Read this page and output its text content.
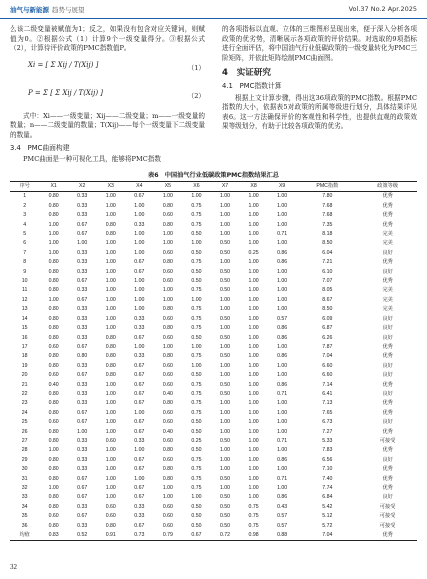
油气与新能源 趋势与展望	Vol.37 No.2 Apr.2025

么该二级变量被赋值为1；反之，如果没有包含对应关键词，则赋值为0。②根据公式（1）计算9个一级变量得分。③根据公式（2），计算待评价政策的PMC指数值P。

Xi = [ Σ Xij / T(Xij) ]	（1）
P = Σ [ Σ Xij / T(Xij) ]	（2）

式中：Xi——一级变量；Xij——二级变量；m——一级变量的数量；n——二级变量的数量；T(Xij)——每个一级变量下二级变量的数量。

3.4　PMC曲面构建

PMC曲面是一种可视化工具，能够将PMC指数

的各项指标以直观、立体的三维图形呈现出来，便于深入分析各项政策的优劣势，清晰展示各项政策的评价结果。对选取的9项指标进行全面评估，将中国油气行业低碳政策的一级变量转化为PMC三阶矩阵，并依此矩阵绘制PMC曲面图。

4　实证研究
4.1　PMC指数计算

根据上文计算步骤，得出这36项政策的PMC指数。根据PMC指数的大小，依据表5对政策的所属等级进行划分，具体结果详见表6。这一方法确保评价的客观性和科学性，也提供直观的政策效果等级划分，有助于比较各项政策的优劣。

表6　中国油气行业低碳政策PMC指数结果汇总
序号	X1	X2	X3	X4	X5	X6	X7	X8	X9	PMC指数	政策等级
1	0.80	0.33	1.00	0.67	1.00	1.00	1.00	1.00	1.00	7.80	优秀
2	0.80	0.33	1.00	1.00	0.80	0.75	1.00	1.00	1.00	7.68	优秀
3	0.80	0.33	1.00	1.00	0.60	0.75	1.00	1.00	1.00	7.68	优秀
4	1.00	0.67	0.80	0.33	0.80	0.75	1.00	1.00	1.00	7.35	优秀
5	1.00	0.67	0.80	1.00	1.00	0.50	1.00	1.00	0.71	8.18	完美
6	1.00	1.00	1.00	1.00	1.00	1.00	0.50	1.00	1.00	8.50	完美
7	1.00	0.33	1.00	1.00	0.60	0.50	0.50	0.25	0.86	6.04	良好
8	0.80	0.33	1.00	0.67	0.80	0.75	1.00	1.00	0.86	7.21	优秀
9	0.80	0.33	1.00	0.67	0.60	0.50	0.50	1.00	1.00	6.10	良好
10	0.80	0.67	1.00	1.00	0.60	0.50	0.50	1.00	1.00	7.07	优秀
11	0.80	0.33	1.00	1.00	1.00	0.75	0.50	1.00	1.00	8.05	完美
12	1.00	0.67	1.00	1.00	1.00	1.00	1.00	1.00	1.00	8.67	完美
13	0.80	0.33	1.00	1.00	0.80	0.75	1.00	1.00	1.00	8.50	完美
14	0.80	0.33	1.00	0.33	0.60	0.75	0.50	1.00	0.57	6.09	良好
15	0.80	0.33	1.00	0.33	0.80	0.75	1.00	1.00	0.86	6.87	良好
16	0.80	0.33	0.80	0.67	0.60	0.50	0.50	1.00	0.86	6.26	良好
17	0.60	0.67	0.80	1.00	1.00	1.00	1.00	1.00	1.00	7.87	优秀
18	0.80	0.80	0.80	0.33	0.80	0.75	0.50	1.00	0.86	7.04	优秀
19	0.80	0.33	0.80	0.67	0.60	1.00	1.00	1.00	1.00	6.60	良好
20	0.60	0.67	0.80	0.67	0.60	0.50	1.00	1.00	1.00	6.60	良好
21	0.40	0.33	1.00	0.67	0.60	0.75	0.50	1.00	0.86	7.14	优秀
22	0.80	0.33	1.00	0.67	0.40	0.75	0.50	1.00	0.71	6.41	良好
23	0.80	0.33	1.00	0.67	0.80	0.75	1.00	1.00	1.00	7.13	优秀
24	0.80	0.67	1.00	1.00	0.60	0.75	1.00	1.00	1.00	7.65	优秀
25	0.60	0.67	1.00	0.67	0.60	0.50	1.00	1.00	1.00	6.73	良好
26	0.80	1.00	1.00	0.67	0.40	0.50	1.00	1.00	1.00	7.27	优秀
27	0.80	0.33	0.60	0.33	0.60	0.25	0.50	1.00	0.71	5.33	可接受
28	1.00	0.33	1.00	1.00	0.80	0.50	1.00	1.00	1.00	7.83	优秀
29	0.80	0.33	1.00	0.67	0.60	0.75	1.00	1.00	0.86	6.56	良好
30	0.80	0.33	1.00	0.67	0.80	0.75	1.00	1.00	1.00	7.10	优秀
31	0.80	0.67	1.00	1.00	0.80	0.75	0.50	1.00	0.71	7.40	优秀
32	1.00	0.67	1.00	0.67	1.00	0.75	1.00	1.00	1.00	7.74	优秀
33	0.80	0.67	1.00	0.67	1.00	1.00	0.50	1.00	0.86	6.84	良好
34	0.80	0.33	0.60	0.33	0.60	0.50	0.50	0.75	0.43	5.42	可接受
35	0.60	0.67	0.60	0.33	0.60	0.50	0.50	0.75	0.57	5.12	可接受
36	0.80	0.33	0.80	0.67	0.60	0.50	0.50	0.75	0.57	5.72	可接受
均值	0.83	0.52	0.91	0.73	0.79	0.67	0.72	0.98	0.88	7.04	优秀
32
